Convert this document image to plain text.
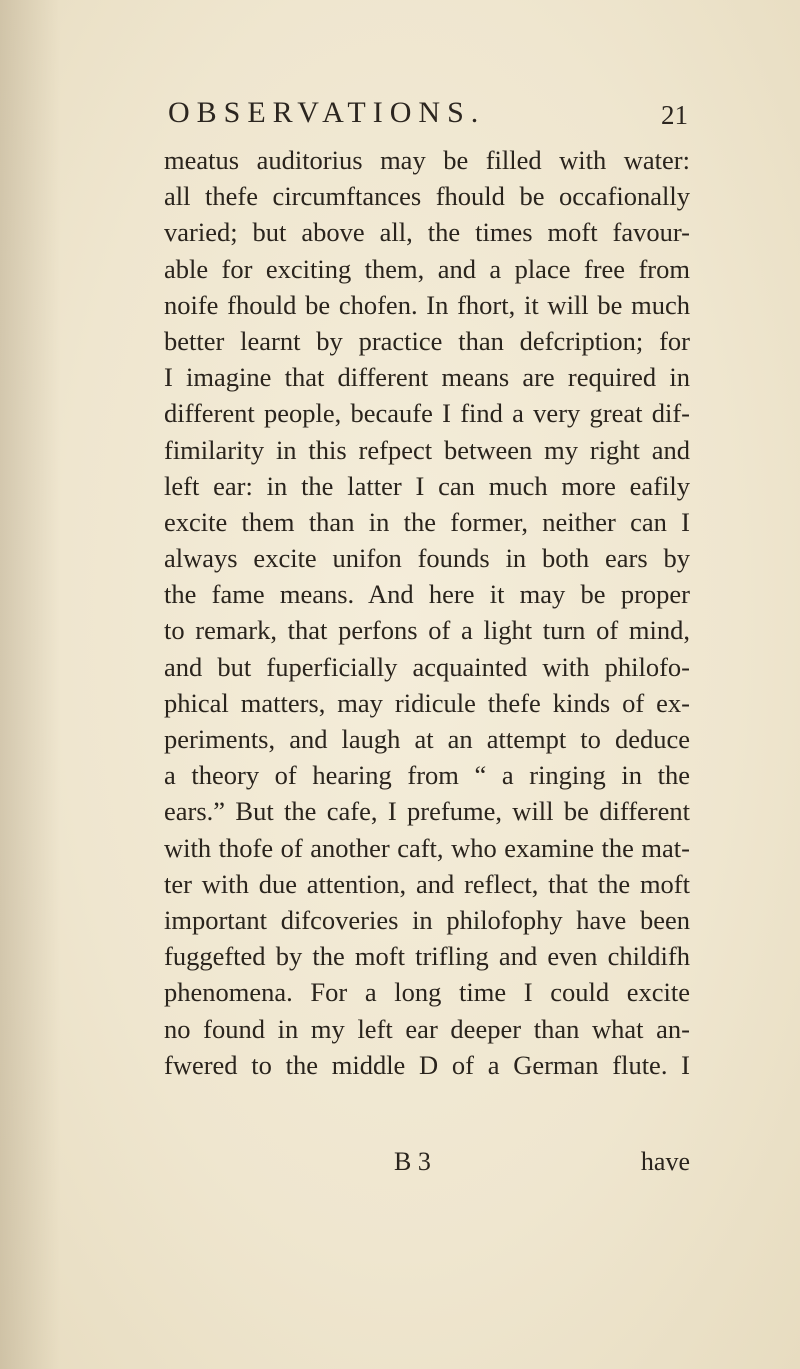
OBSERVATIONS.	21
meatus auditorius may be filled with water:
all thefe circumftances fhould be occafionally
varied; but above all, the times moft favour-
able for exciting them, and a place free from
noife fhould be chofen. In fhort, it will be much
better learnt by practice than defcription; for
I imagine that different means are required in
different people, becaufe I find a very great dif-
fimilarity in this refpect between my right and
left ear: in the latter I can much more eafily
excite them than in the former, neither can I
always excite unifon founds in both ears by
the fame means. And here it may be proper
to remark, that perfons of a light turn of mind,
and but fuperficially acquainted with philofo-
phical matters, may ridicule thefe kinds of ex-
periments, and laugh at an attempt to deduce
a theory of hearing from “ a ringing in the
ears.” But the cafe, I prefume, will be different
with thofe of another caft, who examine the mat-
ter with due attention, and reflect, that the moft
important difcoveries in philofophy have been
fuggefted by the moft trifling and even childifh
phenomena. For a long time I could excite
no found in my left ear deeper than what an-
fwered to the middle D of a German flute. I
B 3	have
